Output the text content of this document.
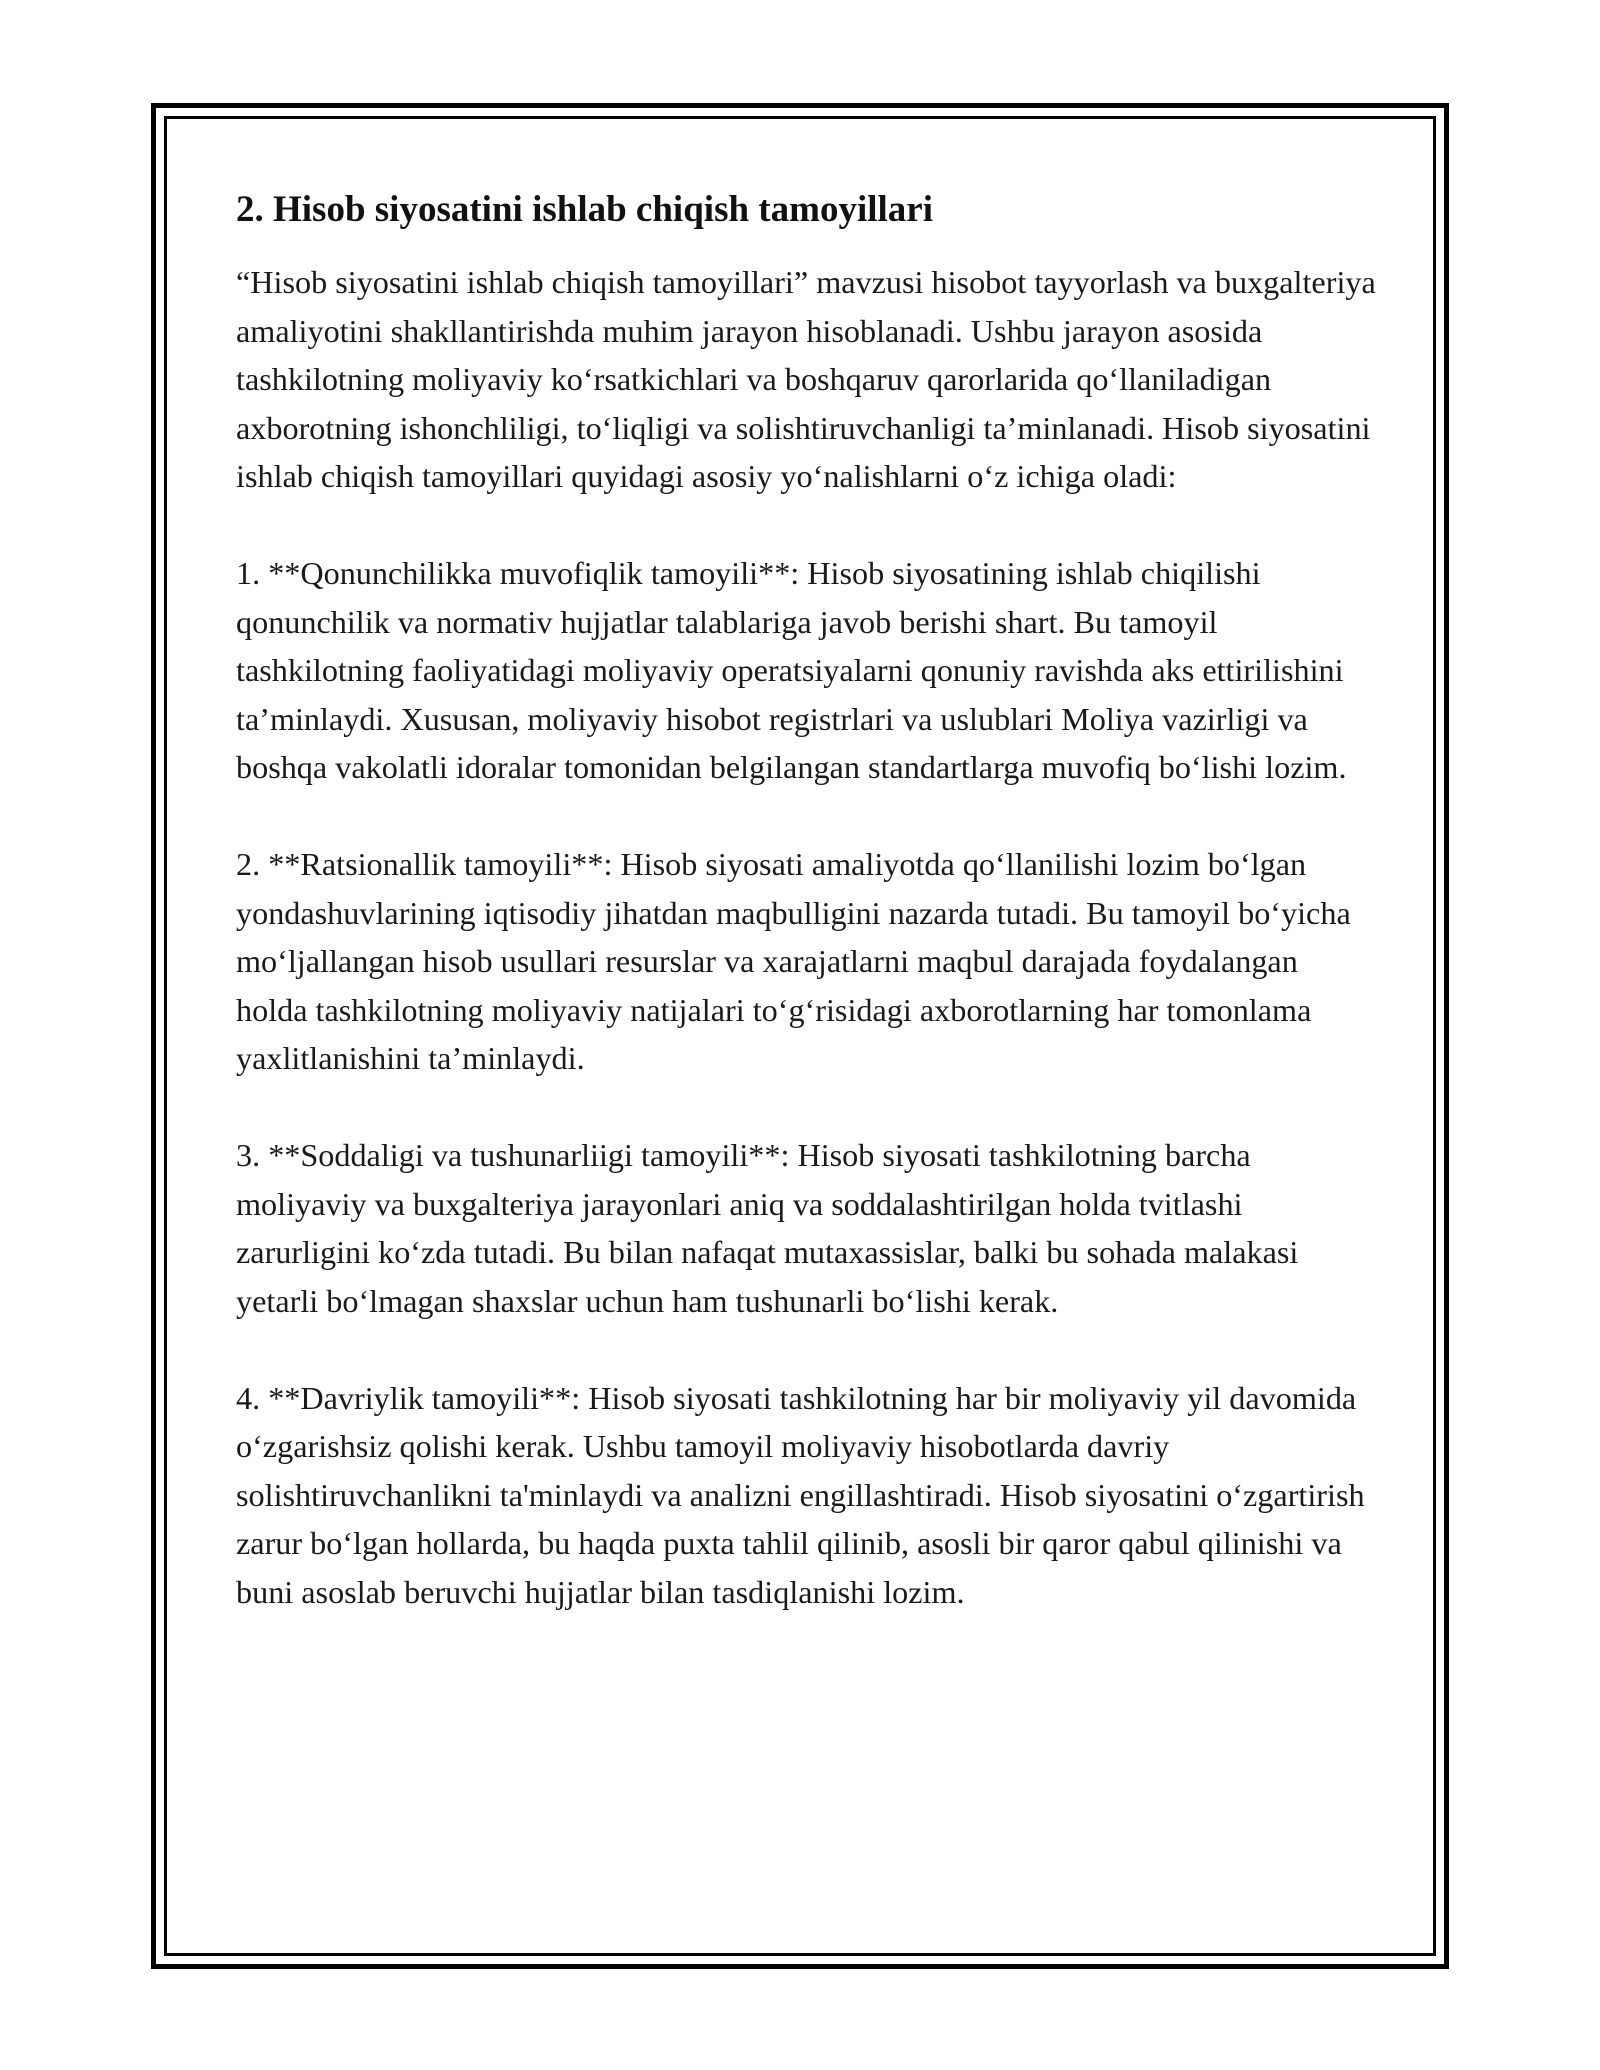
2. Hisob siyosatini ishlab chiqish tamoyillari

“Hisob siyosatini ishlab chiqish tamoyillari” mavzusi hisobot tayyorlash va buxgalteriya amaliyotini shakllantirishda muhim jarayon hisoblanadi. Ushbu jarayon asosida tashkilotning moliyaviy koʻrsatkichlari va boshqaruv qarorlarida qoʻllaniladigan axborotning ishonchliligi, toʻliqligi va solishtiruvchanligi taʼminlanadi. Hisob siyosatini ishlab chiqish tamoyillari quyidagi asosiy yoʻnalishlarni oʻz ichiga oladi:

1. **Qonunchilikka muvofiqlik tamoyili**: Hisob siyosatining ishlab chiqilishi qonunchilik va normativ hujjatlar talablariga javob berishi shart. Bu tamoyil tashkilotning faoliyatidagi moliyaviy operatsiyalarni qonuniy ravishda aks ettirilishini taʼminlaydi. Xususan, moliyaviy hisobot registrlari va uslublari Moliya vazirligi va boshqa vakolatli idoralar tomonidan belgilangan standartlarga muvofiq boʻlishi lozim.

2. **Ratsionallik tamoyili**: Hisob siyosati amaliyotda qoʻllanilishi lozim boʻlgan yondashuvlarining iqtisodiy jihatdan maqbulligini nazarda tutadi. Bu tamoyil boʻyicha moʻljallangan hisob usullari resurslar va xarajatlarni maqbul darajada foydalangan holda tashkilotning moliyaviy natijalari toʻgʻrisidagi axborotlarning har tomonlama yaxlitlanishini taʼminlaydi.

3. **Soddaligi va tushunarliigi tamoyili**: Hisob siyosati tashkilotning barcha moliyaviy va buxgalteriya jarayonlari aniq va soddalashtirilgan holda tvitlashi zarurligini koʻzda tutadi. Bu bilan nafaqat mutaxassislar, balki bu sohada malakasi yetarli boʻlmagan shaxslar uchun ham tushunarli boʻlishi kerak.

4. **Davriylik tamoyili**: Hisob siyosati tashkilotning har bir moliyaviy yil davomida oʻzgarishsiz qolishi kerak. Ushbu tamoyil moliyaviy hisobotlarda davriy solishtiruvchanlikni ta'minlaydi va analizni engillashtiradi. Hisob siyosatini oʻzgartirish zarur boʻlgan hollarda, bu haqda puxta tahlil qilinib, asosli bir qaror qabul qilinishi va buni asoslab beruvchi hujjatlar bilan tasdiqlanishi lozim.
